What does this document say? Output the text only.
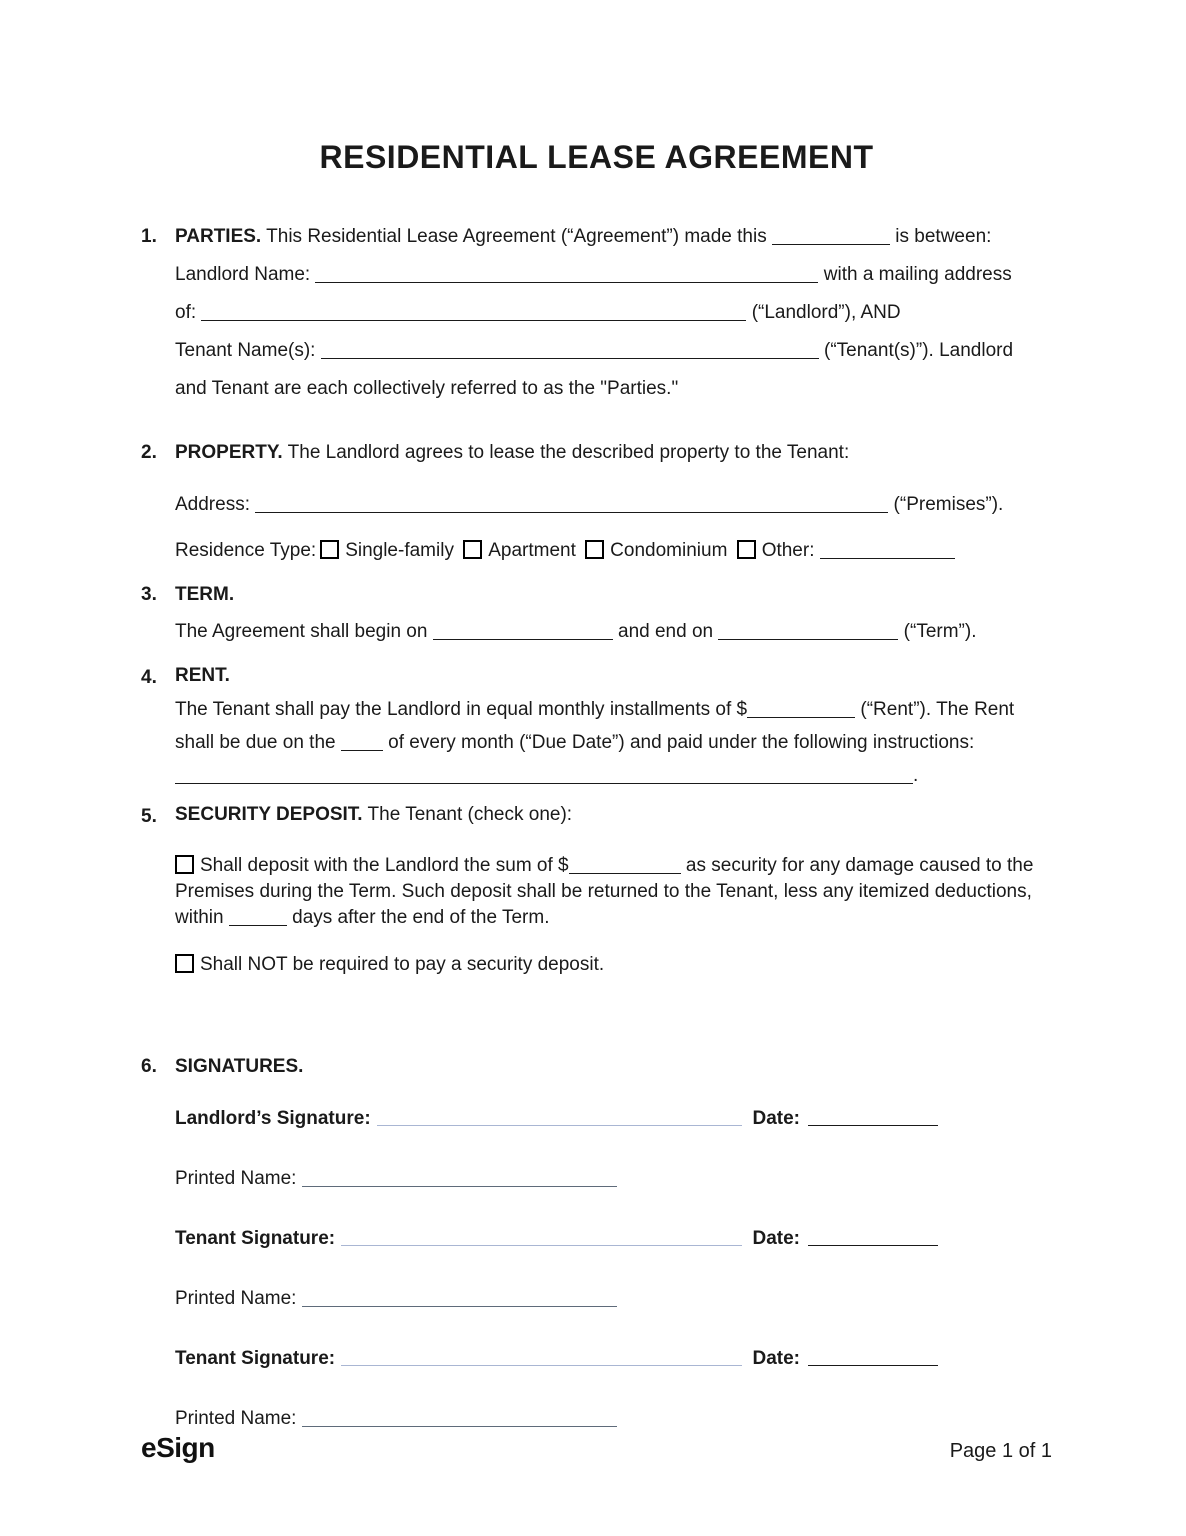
RESIDENTIAL LEASE AGREEMENT
1. PARTIES. This Residential Lease Agreement (“Agreement”) made this	is between:

Landlord Name:	with a mailing address

of:	(“Landlord”), AND

Tenant Name(s):	(“Tenant(s)”). Landlord

and Tenant are each collectively referred to as the "Parties."

2. PROPERTY. The Landlord agrees to lease the described property to the Tenant:

Address:	(“Premises”).

Residence Type: Single-family Apartment Condominium Other:

3. TERM.

The Agreement shall begin on	and end on	(“Term”).

4. RENT.

The Tenant shall pay the Landlord in equal monthly installments of $	(“Rent”). The Rent shall be due on the	of every month (“Due Date”) and paid under the following instructions: .

5. SECURITY DEPOSIT. The Tenant (check one):

Shall deposit with the Landlord the sum of $	as security for any damage caused to the Premises during the Term. Such deposit shall be returned to the Tenant, less any itemized deductions, within	days after the end of the Term.

Shall NOT be required to pay a security deposit.

6. SIGNATURES.

Landlord’s Signature:	Date:

Printed Name:

Tenant Signature:	Date:

Printed Name:

Tenant Signature:	Date:

Printed Name:

eSign	Page 1 of 1
